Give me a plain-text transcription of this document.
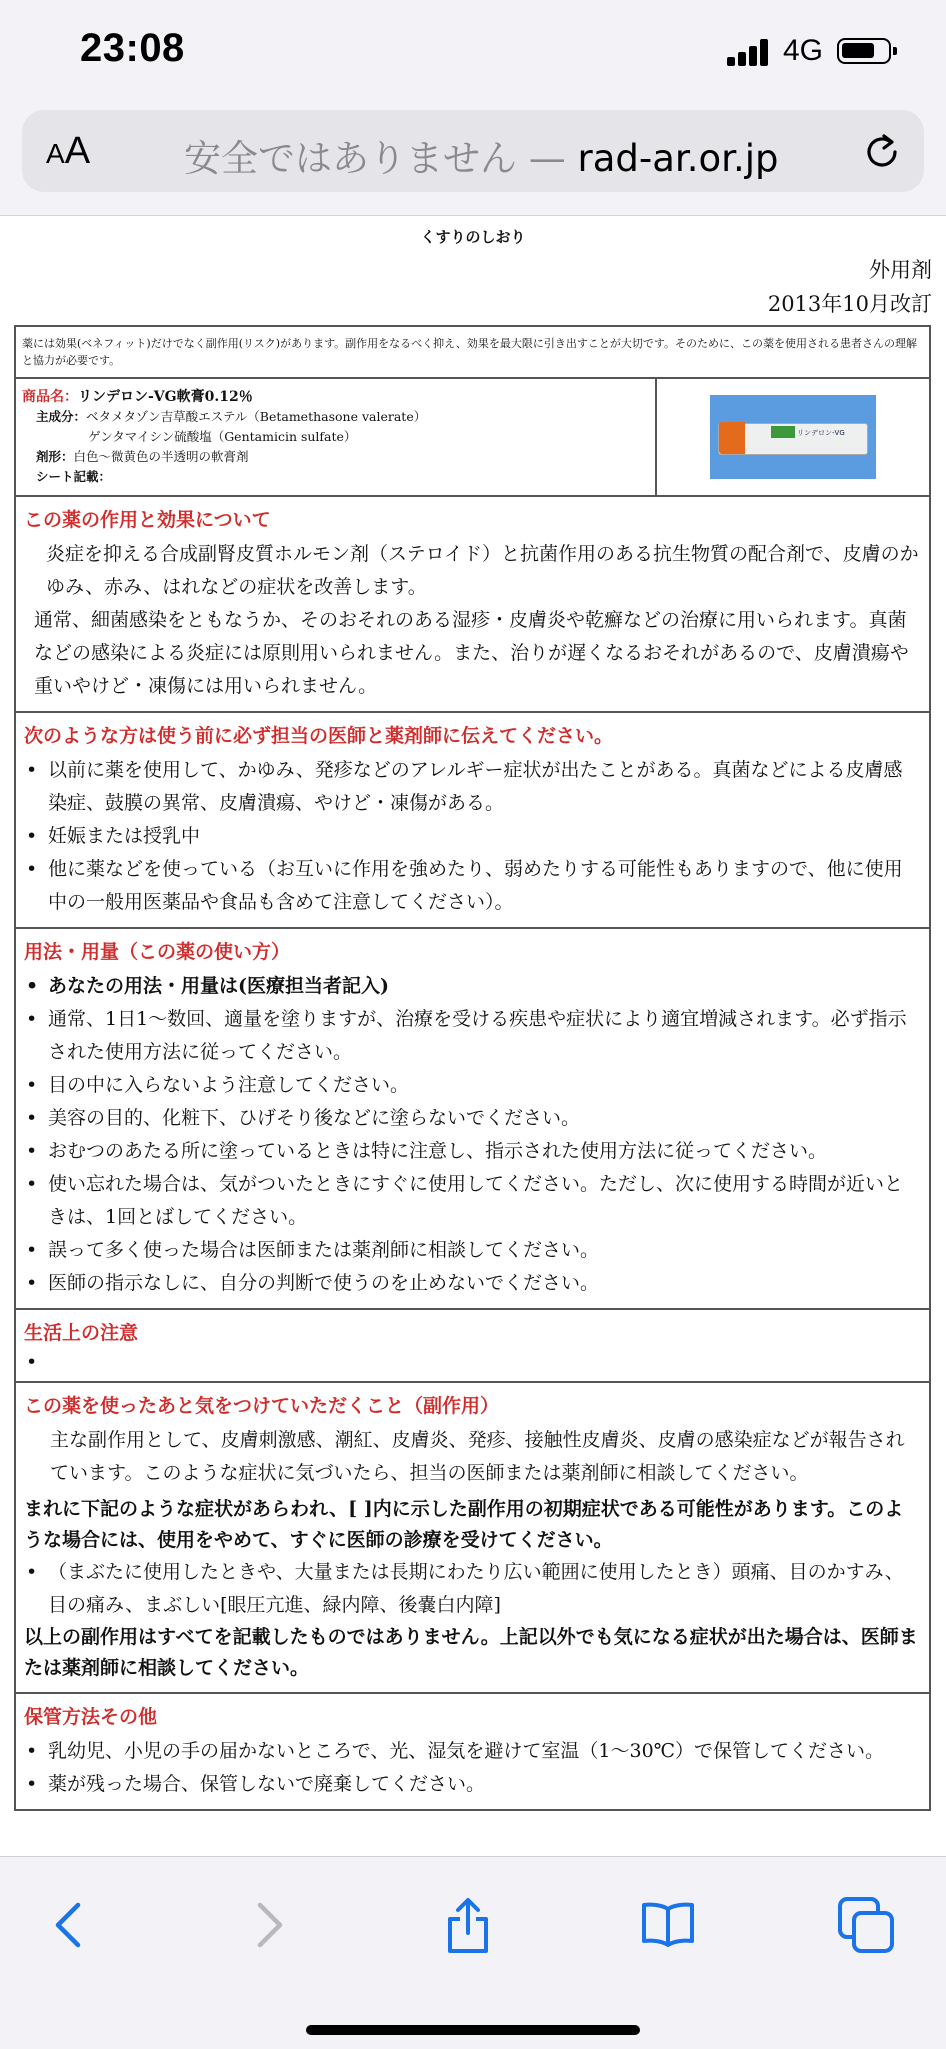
23:08	4G
AA	安全ではありません — rad-ar.or.jp
くすりのしおり
外用剤
2013年10月改訂
薬には効果(ベネフィット)だけでなく副作用(リスク)があります。副作用をなるべく抑え、効果を最大限に引き出すことが大切です。そのために、この薬を使用される患者さんの理解と協力が必要です。
商品名：リンデロン-VG軟膏0.12％
主成分：ベタメタゾン吉草酸エステル（Betamethasone valerate）
ゲンタマイシン硫酸塩（Gentamicin sulfate）
剤形：白色～微黄色の半透明の軟膏剤
シート記載：
リンデロン-VG
この薬の作用と効果について
炎症を抑える合成副腎皮質ホルモン剤（ステロイド）と抗菌作用のある抗生物質の配合剤で、皮膚のかゆみ、赤み、はれなどの症状を改善します。
通常、細菌感染をともなうか、そのおそれのある湿疹・皮膚炎や乾癬などの治療に用いられます。真菌などの感染による炎症には原則用いられません。また、治りが遅くなるおそれがあるので、皮膚潰瘍や重いやけど・凍傷には用いられません。
次のような方は使う前に必ず担当の医師と薬剤師に伝えてください。
• 以前に薬を使用して、かゆみ、発疹などのアレルギー症状が出たことがある。真菌などによる皮膚感染症、鼓膜の異常、皮膚潰瘍、やけど・凍傷がある。
• 妊娠または授乳中
• 他に薬などを使っている（お互いに作用を強めたり、弱めたりする可能性もありますので、他に使用中の一般用医薬品や食品も含めて注意してください）。
用法・用量（この薬の使い方）
• あなたの用法・用量は(医療担当者記入)
• 通常、1日1～数回、適量を塗りますが、治療を受ける疾患や症状により適宜増減されます。必ず指示された使用方法に従ってください。
• 目の中に入らないよう注意してください。
• 美容の目的、化粧下、ひげそり後などに塗らないでください。
• おむつのあたる所に塗っているときは特に注意し、指示された使用方法に従ってください。
• 使い忘れた場合は、気がついたときにすぐに使用してください。ただし、次に使用する時間が近いときは、1回とばしてください。
• 誤って多く使った場合は医師または薬剤師に相談してください。
• 医師の指示なしに、自分の判断で使うのを止めないでください。
生活上の注意
•
この薬を使ったあと気をつけていただくこと（副作用）
主な副作用として、皮膚刺激感、潮紅、皮膚炎、発疹、接触性皮膚炎、皮膚の感染症などが報告されています。このような症状に気づいたら、担当の医師または薬剤師に相談してください。
まれに下記のような症状があらわれ、[ ]内に示した副作用の初期症状である可能性があります。このような場合には、使用をやめて、すぐに医師の診療を受けてください。
• （まぶたに使用したときや、大量または長期にわたり広い範囲に使用したとき）頭痛、目のかすみ、目の痛み、まぶしい[眼圧亢進、緑内障、後嚢白内障]
以上の副作用はすべてを記載したものではありません。上記以外でも気になる症状が出た場合は、医師または薬剤師に相談してください。
保管方法その他
• 乳幼児、小児の手の届かないところで、光、湿気を避けて室温（1～30℃）で保管してください。
• 薬が残った場合、保管しないで廃棄してください。
